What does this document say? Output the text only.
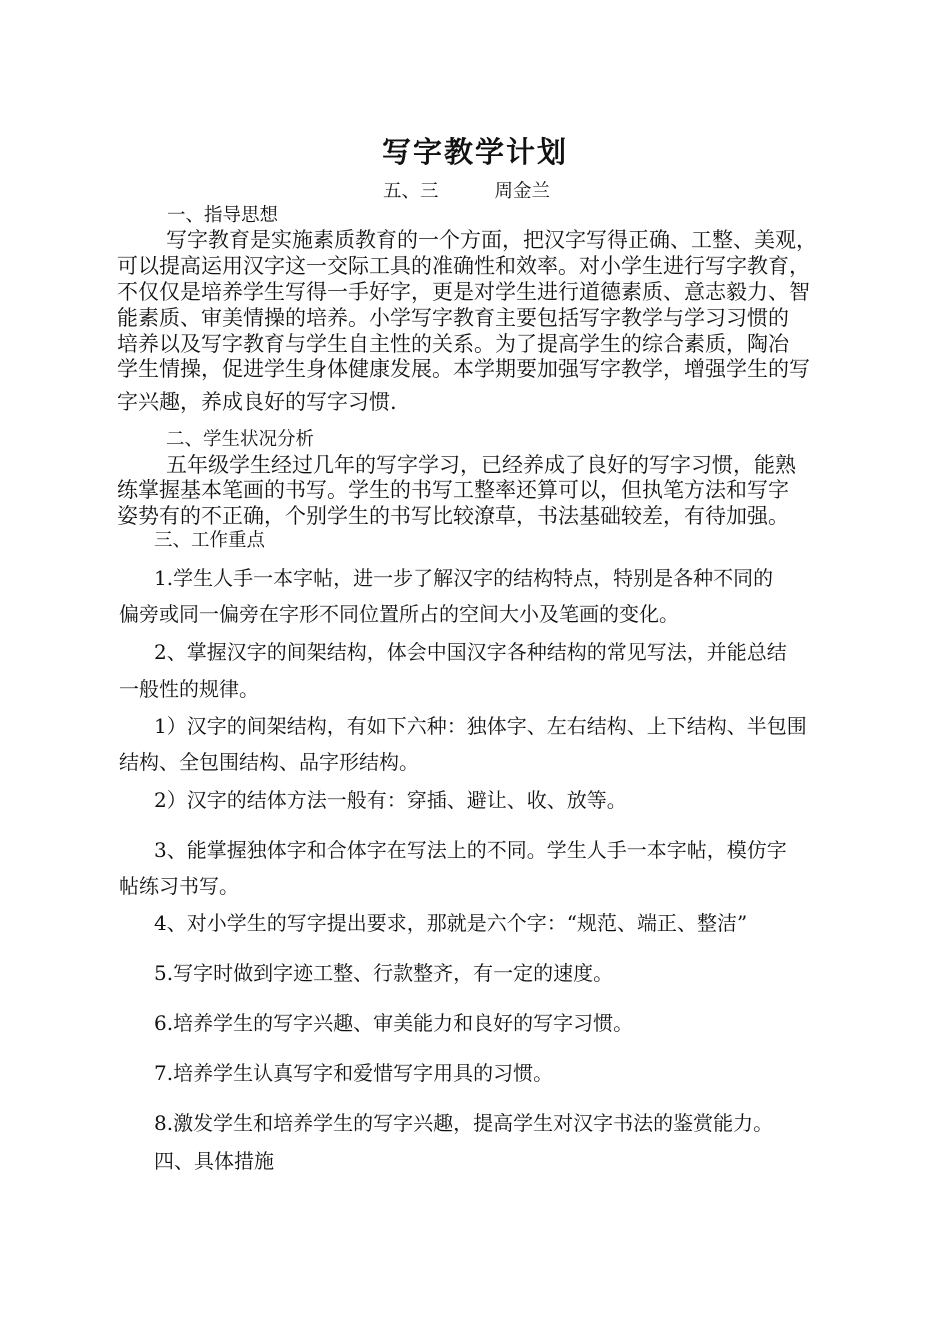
写字教学计划
五、三	周金兰
一、指导思想
写字教育是实施素质教育的一个方面，把汉字写得正确、工整、美观，
可以提高运用汉字这一交际工具的准确性和效率。对小学生进行写字教育，
不仅仅是培养学生写得一手好字，更是对学生进行道德素质、意志毅力、智
能素质、审美情操的培养。小学写字教育主要包括写字教学与学习习惯的
培养以及写字教育与学生自主性的关系。为了提高学生的综合素质，陶冶
学生情操，促进学生身体健康发展。本学期要加强写字教学，增强学生的写
字兴趣，养成良好的写字习惯.
二、学生状况分析
五年级学生经过几年的写字学习，已经养成了良好的写字习惯，能熟
练掌握基本笔画的书写。学生的书写工整率还算可以，但执笔方法和写字
姿势有的不正确，个别学生的书写比较潦草，书法基础较差，有待加强。
三、工作重点
1.学生人手一本字帖，进一步了解汉字的结构特点，特别是各种不同的
偏旁或同一偏旁在字形不同位置所占的空间大小及笔画的变化。
2、掌握汉字的间架结构，体会中国汉字各种结构的常见写法，并能总结
一般性的规律。
1）汉字的间架结构，有如下六种：独体字、左右结构、上下结构、半包围
结构、全包围结构、品字形结构。
2）汉字的结体方法一般有：穿插、避让、收、放等。
3、能掌握独体字和合体字在写法上的不同。学生人手一本字帖，模仿字
帖练习书写。
4、对小学生的写字提出要求，那就是六个字：“规范、端正、整洁”
5.写字时做到字迹工整、行款整齐，有一定的速度。
6.培养学生的写字兴趣、审美能力和良好的写字习惯。
7.培养学生认真写字和爱惜写字用具的习惯。
8.激发学生和培养学生的写字兴趣，提高学生对汉字书法的鉴赏能力。
四、具体措施
